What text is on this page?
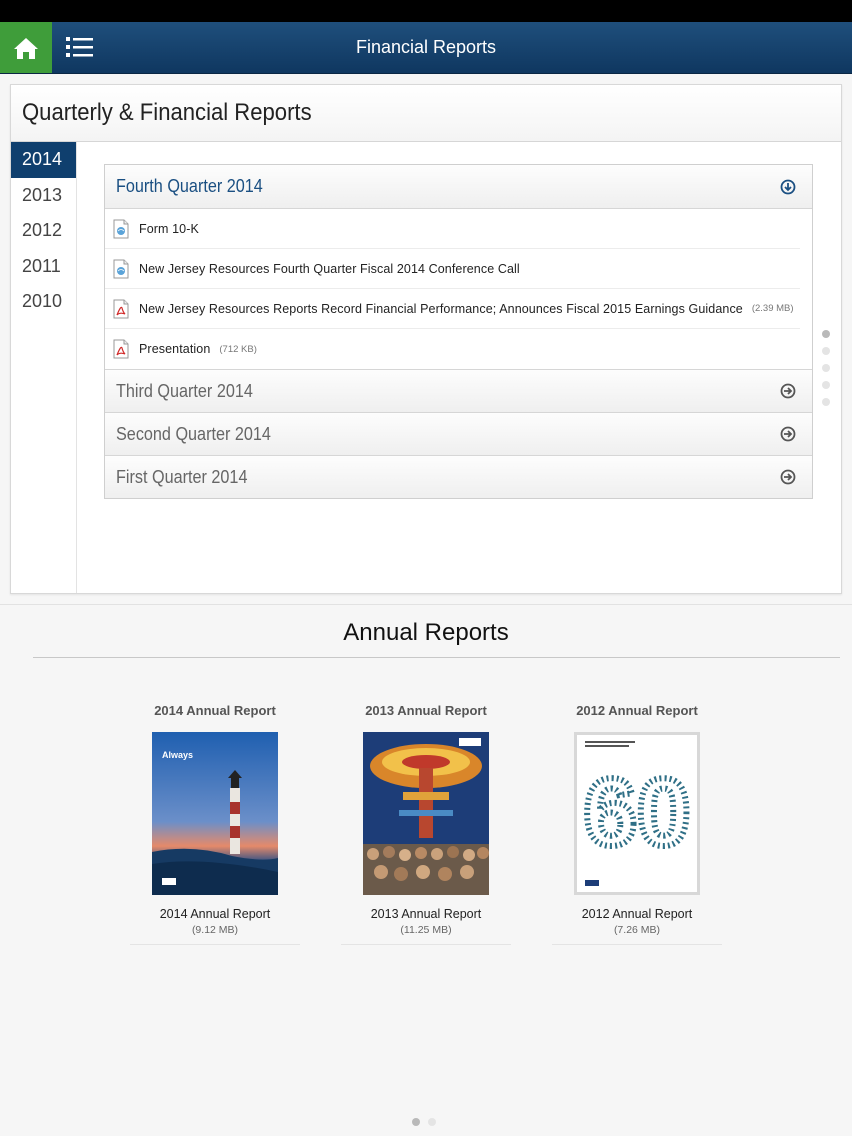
Financial Reports
Quarterly & Financial Reports
2014
2013
2012
2011
2010
Fourth Quarter 2014
Form 10-K
New Jersey Resources Fourth Quarter Fiscal 2014 Conference Call
New Jersey Resources Reports Record Financial Performance; Announces Fiscal 2015 Earnings Guidance (2.39 MB)
Presentation (712 KB)
Third Quarter 2014
Second Quarter 2014
First Quarter 2014
Annual Reports
2014 Annual Report
Always
2014 Annual Report
(9.12 MB)
2013 Annual Report
2013 Annual Report
(11.25 MB)
2012 Annual Report
60
2012 Annual Report
(7.26 MB)
